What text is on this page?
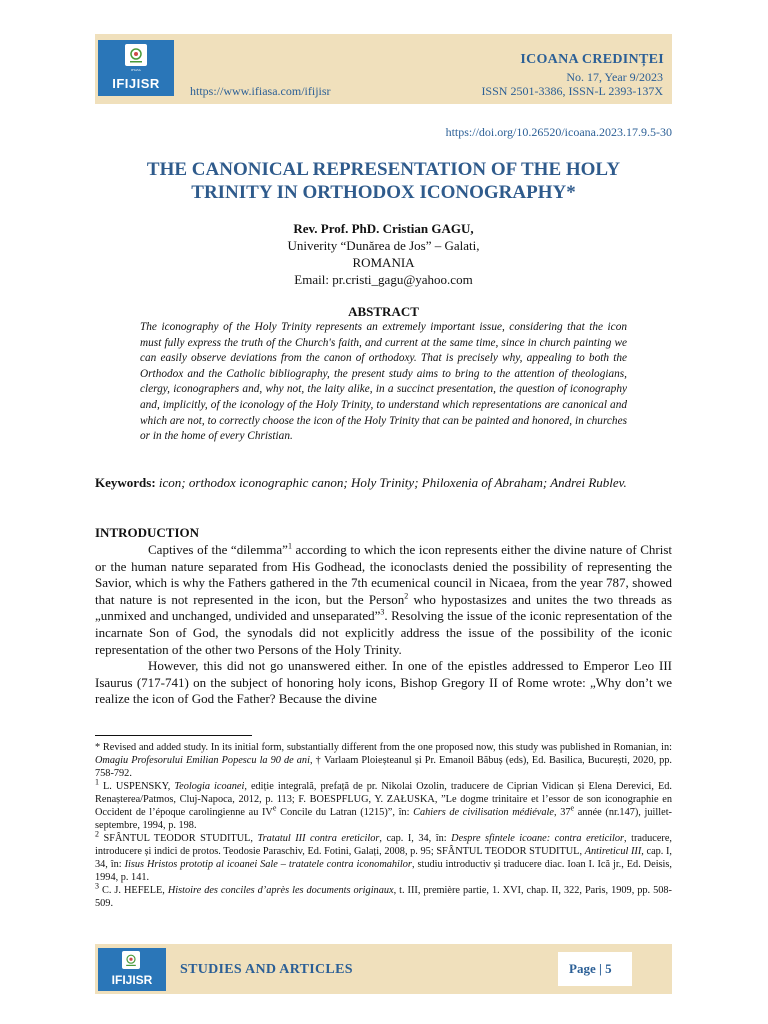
IFIASA
IFIJISR	https://www.ifiasa.com/ifijisr
ICOANA CREDINȚEI
No. 17, Year 9/2023
ISSN 2501-3386, ISSN-L 2393-137X
https://doi.org/10.26520/icoana.2023.17.9.5-30
THE CANONICAL REPRESENTATION OF THE HOLY
TRINITY IN ORTHODOX ICONOGRAPHY*
Rev. Prof. PhD. Cristian GAGU,
Univerity “Dunărea de Jos” – Galati,
ROMANIA
Email: pr.cristi_gagu@yahoo.com
ABSTRACT
The iconography of the Holy Trinity represents an extremely important issue, considering that the icon must fully express the truth of the Church's faith, and current at the same time, since in church painting we can easily observe deviations from the canon of orthodoxy. That is precisely why, appealing to both the Orthodox and the Catholic bibliography, the present study aims to bring to the attention of theologians, clergy, iconographers and, why not, the laity alike, in a succinct presentation, the question of iconography and, implicitly, of the iconology of the Holy Trinity, to understand which representations are canonical and which are not, to correctly choose the icon of the Holy Trinity that can be painted and honored, in churches or in the home of every Christian.
Keywords: icon; orthodox iconographic canon; Holy Trinity; Philoxenia of Abraham; Andrei Rublev.
INTRODUCTION

Captives of the “dilemma”$^1$ according to which the icon represents either the divine nature of Christ or the human nature separated from His Godhead, the iconoclasts denied the possibility of representing the Savior, which is why the Fathers gathered in the 7th ecumenical council in Nicaea, from the year 787, showed that nature is not represented in the icon, but the Person$^2$ who hypostasizes and unites the two threads as „unmixed and unchanged, undivided and unseparated”$^3$. Resolving the issue of the iconic representation of the incarnate Son of God, the synodals did not explicitly address the issue of the possibility of the iconic representation of the other two Persons of the Holy Trinity.

However, this did not go unanswered either. In one of the epistles addressed to Emperor Leo III Isaurus (717-741) on the subject of honoring holy icons, Bishop Gregory II of Rome wrote: „Why don’t we realize the icon of God the Father? Because the divine

* Revised and added study. In its initial form, substantially different from the one proposed now, this study was published in Romanian, in: Omagiu Profesorului Emilian Popescu la 90 de ani, † Varlaam Ploieșteanul și Pr. Emanoil Băbuș (eds), Ed. Basilica, București, 2020, pp. 758-792.

$^1$ L. USPENSKY, Teologia icoanei, ediție integrală, prefață de pr. Nikolai Ozolin, traducere de Ciprian Vidican și Elena Derevici, Ed. Renașterea/Patmos, Cluj-Napoca, 2012, p. 113; F. BOESPFLUG, Y. ZAŁUSKA, ”Le dogme trinitaire et l’essor de son iconographie en Occident de l’époque carolingienne au IVe Concile du Latran (1215)”, în: Cahiers de civilisation médiévale, 37e année (nr.147), juillet-septembre, 1994, p. 198.

$^2$ SFÂNTUL TEODOR STUDITUL, Tratatul III contra ereticilor, cap. I, 34, în: Despre sfintele icoane: contra ereticilor, traducere, introducere și indici de protos. Teodosie Paraschiv, Ed. Fotini, Galați, 2008, p. 95; SFÂNTUL TEODOR STUDITUL, Antireticul III, cap. I, 34, în: Iisus Hristos prototip al icoanei Sale – tratatele contra iconomahilor, studiu introductiv și traducere diac. Ioan I. Ică jr., Ed. Deisis, 1994, p. 141.

$^3$ C. J. HEFELE, Histoire des conciles d’après les documents originaux, t. III, première partie, 1. XVI, chap. II, 322, Paris, 1909, pp. 508-509.

IFIJISR
STUDIES AND ARTICLES	Page | 5
